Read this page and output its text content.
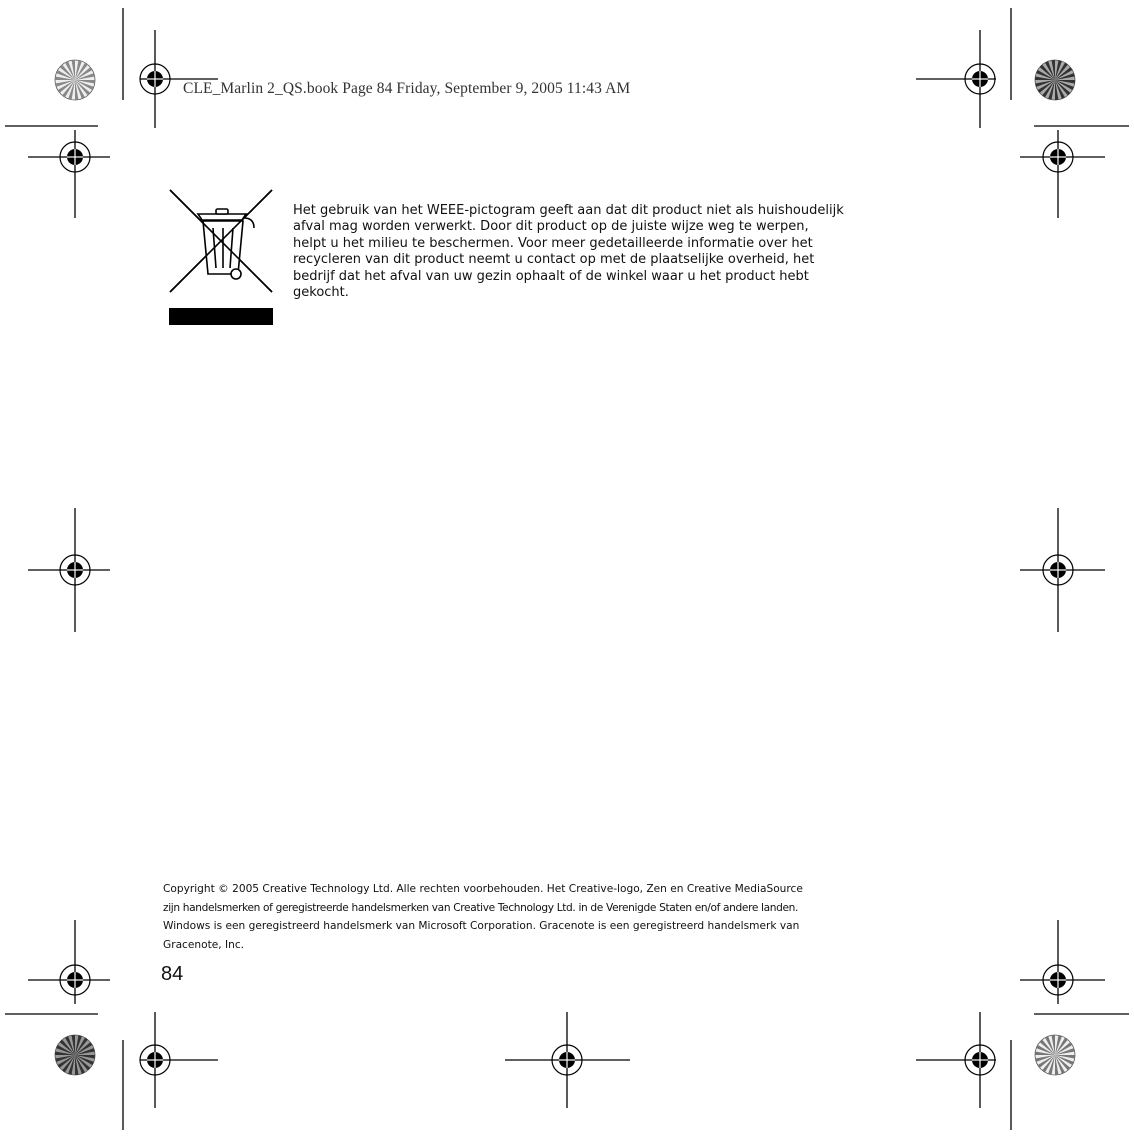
CLE_Marlin 2_QS.book Page 84 Friday, September 9, 2005 11:43 AM
Het gebruik van het WEEE-pictogram geeft aan dat dit product niet als huishoudelijk
afval mag worden verwerkt. Door dit product op de juiste wijze weg te werpen,
helpt u het milieu te beschermen. Voor meer gedetailleerde informatie over het
recycleren van dit product neemt u contact op met de plaatselijke overheid, het
bedrijf dat het afval van uw gezin ophaalt of de winkel waar u het product hebt
gekocht.
Copyright © 2005 Creative Technology Ltd. Alle rechten voorbehouden. Het Creative-logo, Zen en Creative MediaSource
zijn handelsmerken of geregistreerde handelsmerken van Creative Technology Ltd. in de Verenigde Staten en/of andere landen.
Windows is een geregistreerd handelsmerk van Microsoft Corporation. Gracenote is een geregistreerd handelsmerk van
Gracenote, Inc.
84
